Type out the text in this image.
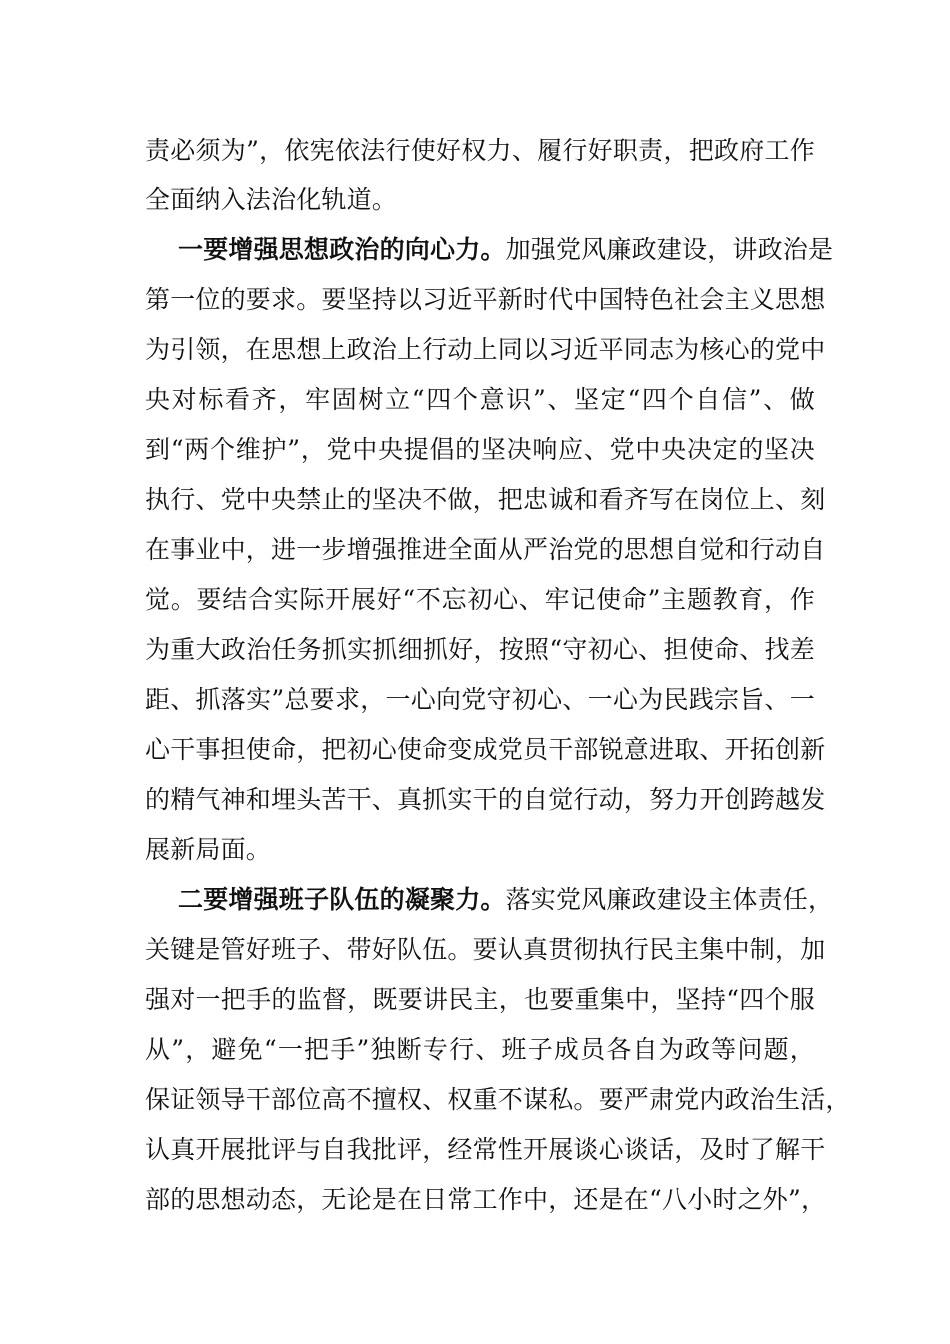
责必须为”，依宪依法行使好权力、履行好职责，把政府工作
全面纳入法治化轨道。
一要增强思想政治的向心力。加强党风廉政建设，讲政治是
第一位的要求。要坚持以习近平新时代中国特色社会主义思想
为引领，在思想上政治上行动上同以习近平同志为核心的党中
央对标看齐，牢固树立“四个意识”、坚定“四个自信”、做
到“两个维护”，党中央提倡的坚决响应、党中央决定的坚决
执行、党中央禁止的坚决不做，把忠诚和看齐写在岗位上、刻
在事业中，进一步增强推进全面从严治党的思想自觉和行动自
觉。要结合实际开展好“不忘初心、牢记使命”主题教育，作
为重大政治任务抓实抓细抓好，按照“守初心、担使命、找差
距、抓落实”总要求，一心向党守初心、一心为民践宗旨、一
心干事担使命，把初心使命变成党员干部锐意进取、开拓创新
的精气神和埋头苦干、真抓实干的自觉行动，努力开创跨越发
展新局面。
二要增强班子队伍的凝聚力。落实党风廉政建设主体责任，
关键是管好班子、带好队伍。要认真贯彻执行民主集中制，加
强对一把手的监督，既要讲民主，也要重集中，坚持“四个服
从”，避免“一把手”独断专行、班子成员各自为政等问题，
保证领导干部位高不擅权、权重不谋私。要严肃党内政治生活，
认真开展批评与自我批评，经常性开展谈心谈话，及时了解干
部的思想动态，无论是在日常工作中，还是在“八小时之外”，
